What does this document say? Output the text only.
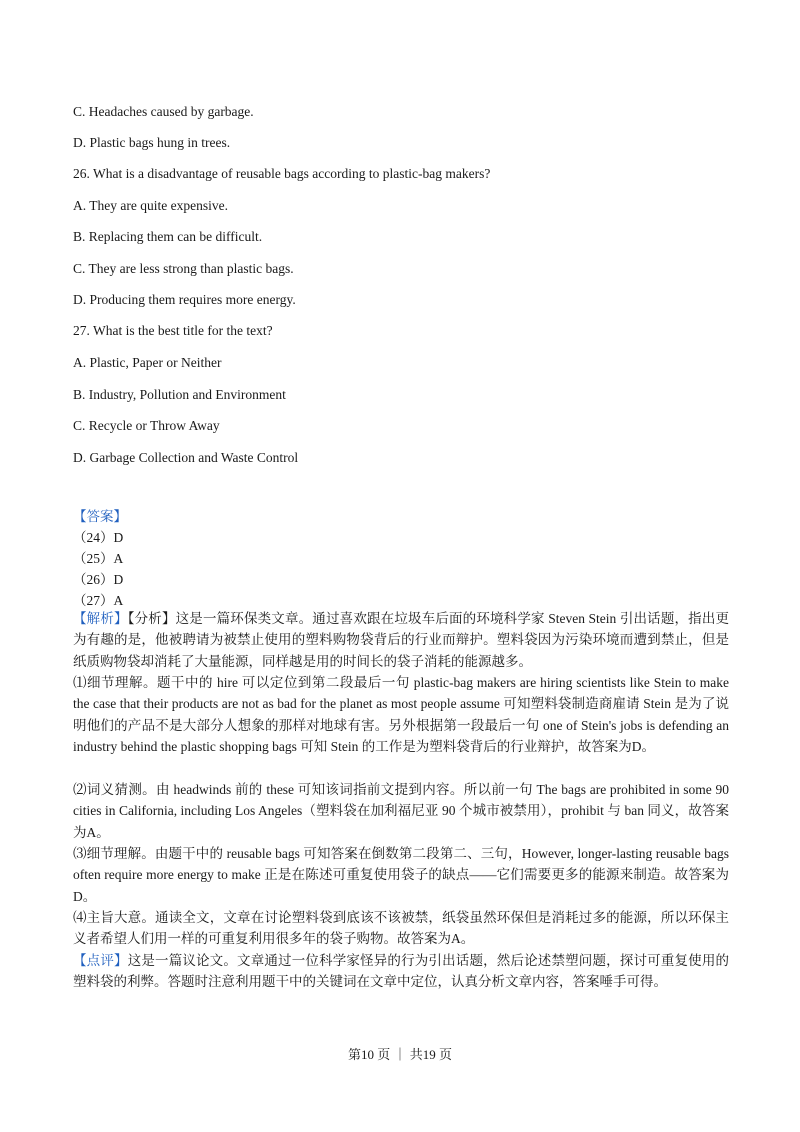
C. Headaches caused by garbage.
D. Plastic bags hung in trees.
26. What is a disadvantage of reusable bags according to plastic-bag makers?
A. They are quite expensive.
B. Replacing them can be difficult.
C. They are less strong than plastic bags.
D. Producing them requires more energy.
27. What is the best title for the text?
A. Plastic, Paper or Neither
B. Industry, Pollution and Environment
C. Recycle or Throw Away
D. Garbage Collection and Waste Control
【答案】
（24）D
（25）A
（26）D
（27）A
【解析】【分析】这是一篇环保类文章。通过喜欢跟在垃圾车后面的环境科学家 Steven Stein 引出话题，指出更为有趣的是，他被聘请为被禁止使用的塑料购物袋背后的行业而辩护。塑料袋因为污染环境而遭到禁止，但是纸质购物袋却消耗了大量能源，同样越是用的时间长的袋子消耗的能源越多。
⑴细节理解。题干中的 hire 可以定位到第二段最后一句 plastic-bag makers are hiring scientists like Stein to make the case that their products are not as bad for the planet as most people assume 可知塑料袋制造商雇请 Stein 是为了说明他们的产品不是大部分人想象的那样对地球有害。另外根据第一段最后一句 one of Stein's jobs is defending an industry behind the plastic shopping bags 可知 Stein 的工作是为塑料袋背后的行业辩护，故答案为D。
⑵词义猜测。由 headwinds 前的 these 可知该词指前文提到内容。所以前一句 The bags are prohibited in some 90 cities in California, including Los Angeles（塑料袋在加利福尼亚 90 个城市被禁用），prohibit 与 ban 同义，故答案为A。
⑶细节理解。由题干中的 reusable bags 可知答案在倒数第二段第二、三句，However, longer-lasting reusable bags often require more energy to make 正是在陈述可重复使用袋子的缺点——它们需要更多的能源来制造。故答案为D。
⑷主旨大意。通读全文，文章在讨论塑料袋到底该不该被禁，纸袋虽然环保但是消耗过多的能源，所以环保主义者希望人们用一样的可重复利用很多年的袋子购物。故答案为A。
【点评】这是一篇议论文。文章通过一位科学家怪异的行为引出话题，然后论述禁塑问题，探讨可重复使用的塑料袋的利弊。答题时注意利用题干中的关键词在文章中定位，认真分析文章内容，答案唾手可得。
第10 页 ｜ 共19 页
